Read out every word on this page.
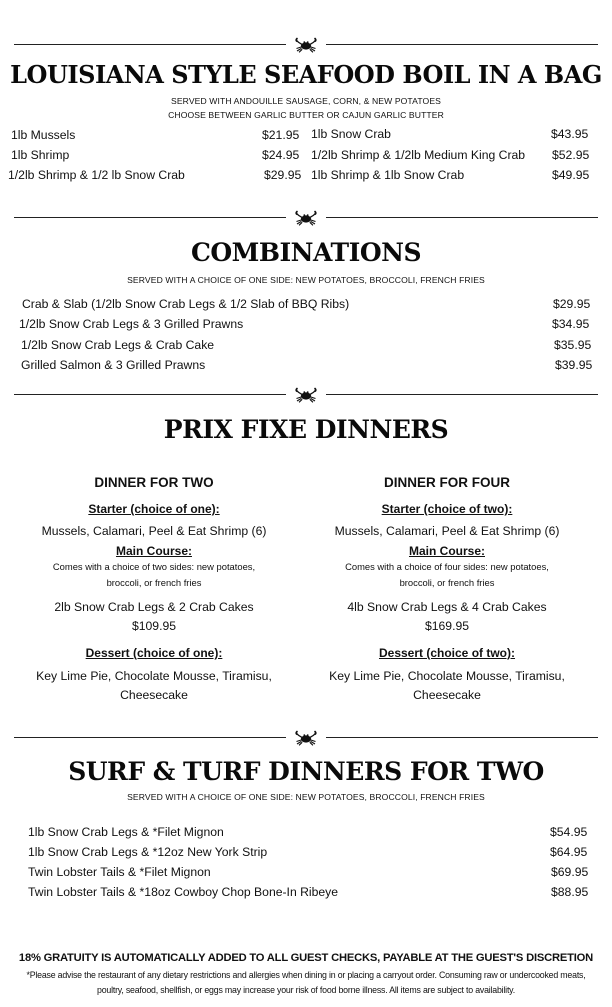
LOUISIANA STYLE SEAFOOD BOIL IN A BAG
SERVED WITH ANDOUILLE SAUSAGE, CORN, & NEW POTATOES
CHOOSE BETWEEN GARLIC BUTTER OR CAJUN GARLIC BUTTER
1lb Mussels	$21.95
1lb Shrimp	$24.95
1/2lb Shrimp & 1/2 lb Snow Crab	$29.95
1lb Snow Crab	$43.95
1/2lb Shrimp & 1/2lb Medium King Crab $52.95
1lb Shrimp & 1lb Snow Crab	$49.95
COMBINATIONS
SERVED WITH A CHOICE OF ONE SIDE: NEW POTATOES, BROCCOLI, FRENCH FRIES
Crab & Slab (1/2lb Snow Crab Legs & 1/2 Slab of BBQ Ribs)	$29.95
1/2lb Snow Crab Legs & 3 Grilled Prawns	$34.95
1/2lb Snow Crab Legs & Crab Cake	$35.95
Grilled Salmon & 3 Grilled Prawns	$39.95
PRIX FIXE DINNERS
DINNER FOR TWO
Starter (choice of one):
Mussels, Calamari, Peel & Eat Shrimp (6)
Main Course:
Comes with a choice of two sides: new potatoes,
broccoli, or french fries
2lb Snow Crab Legs & 2 Crab Cakes
$109.95
Dessert (choice of one):
Key Lime Pie, Chocolate Mousse, Tiramisu,
Cheesecake
DINNER FOR FOUR
Starter (choice of two):
Mussels, Calamari, Peel & Eat Shrimp (6)
Main Course:
Comes with a choice of four sides: new potatoes,
broccoli, or french fries
4lb Snow Crab Legs & 4 Crab Cakes
$169.95
Dessert (choice of two):
Key Lime Pie, Chocolate Mousse, Tiramisu,
Cheesecake
SURF & TURF DINNERS FOR TWO
SERVED WITH A CHOICE OF ONE SIDE: NEW POTATOES, BROCCOLI, FRENCH FRIES
1lb Snow Crab Legs & *Filet Mignon	$54.95
1lb Snow Crab Legs & *12oz New York Strip	$64.95
Twin Lobster Tails & *Filet Mignon	$69.95
Twin Lobster Tails & *18oz Cowboy Chop Bone-In Ribeye	$88.95
18% GRATUITY IS AUTOMATICALLY ADDED TO ALL GUEST CHECKS, PAYABLE AT THE GUEST'S DISCRETION
*Please advise the restaurant of any dietary restrictions and allergies when dining in or placing a carryout order. Consuming raw or undercooked meats,
poultry, seafood, shellfish, or eggs may increase your risk of food borne illness. All items are subject to availability.
